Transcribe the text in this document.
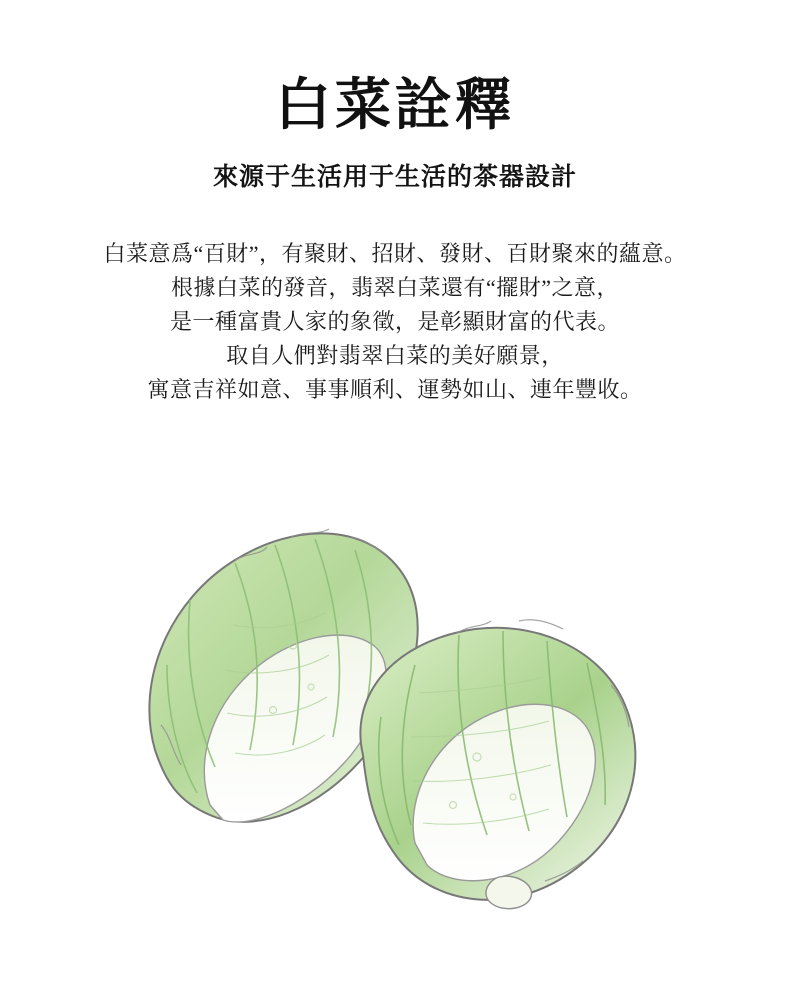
白菜詮釋
來源于生活用于生活的茶器設計

白菜意爲“百財”，有聚財、招財、發財、百財聚來的蘊意。

根據白菜的發音，翡翠白菜還有“擺財”之意，

是一種富貴人家的象徵，是彰顯財富的代表。

取自人們對翡翠白菜的美好願景，

寓意吉祥如意、事事順利、運勢如山、連年豐收。
